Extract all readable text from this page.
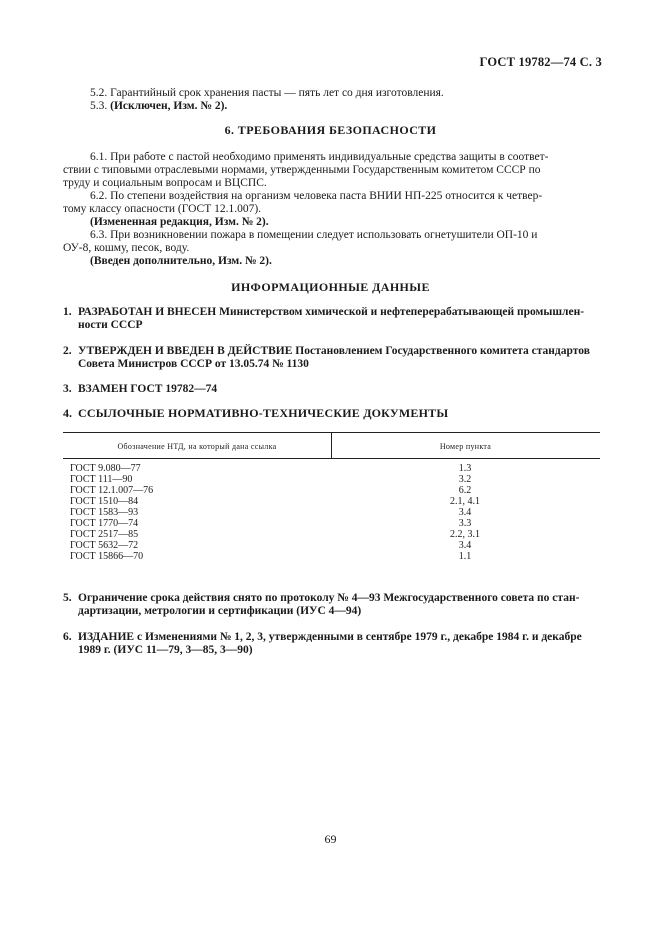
ГОСТ 19782—74 С. 3
5.2. Гарантийный срок хранения пасты — пять лет со дня изготовления.
5.3. (Исключен, Изм. № 2).
6. ТРЕБОВАНИЯ БЕЗОПАСНОСТИ
6.1. При работе с пастой необходимо применять индивидуальные средства защиты в соответ-
ствии с типовыми отраслевыми нормами, утвержденными Государственным комитетом СССР по
труду и социальным вопросам и ВЦСПС.
6.2. По степени воздействия на организм человека паста ВНИИ НП-225 относится к четвер-
тому классу опасности (ГОСТ 12.1.007).
(Измененная редакция, Изм. № 2).
6.3. При возникновении пожара в помещении следует использовать огнетушители ОП-10 и
ОУ-8, кошму, песок, воду.
(Введен дополнительно, Изм. № 2).
ИНФОРМАЦИОННЫЕ ДАННЫЕ
1. РАЗРАБОТАН И ВНЕСЕН Министерством химической и нефтеперерабатывающей промышлен-
ности СССР
2. УТВЕРЖДЕН И ВВЕДЕН В ДЕЙСТВИЕ Постановлением Государственного комитета стандартов
Совета Министров СССР от 13.05.74 № 1130
3. ВЗАМЕН ГОСТ 19782—74
4. ССЫЛОЧНЫЕ НОРМАТИВНО-ТЕХНИЧЕСКИЕ ДОКУМЕНТЫ
Обозначение НТД, на который дана ссылка	Номер пункта
ГОСТ 9.080—77	1.3
ГОСТ 111—90	3.2
ГОСТ 12.1.007—76	6.2
ГОСТ 1510—84	2.1, 4.1
ГОСТ 1583—93	3.4
ГОСТ 1770—74	3.3
ГОСТ 2517—85	2.2, 3.1
ГОСТ 5632—72	3.4
ГОСТ 15866—70	1.1
5. Ограничение срока действия снято по протоколу № 4—93 Межгосударственного совета по стан-
дартизации, метрологии и сертификации (ИУС 4—94)
6. ИЗДАНИЕ с Изменениями № 1, 2, 3, утвержденными в сентябре 1979 г., декабре 1984 г. и декабре
1989 г. (ИУС 11—79, 3—85, 3—90)
69
